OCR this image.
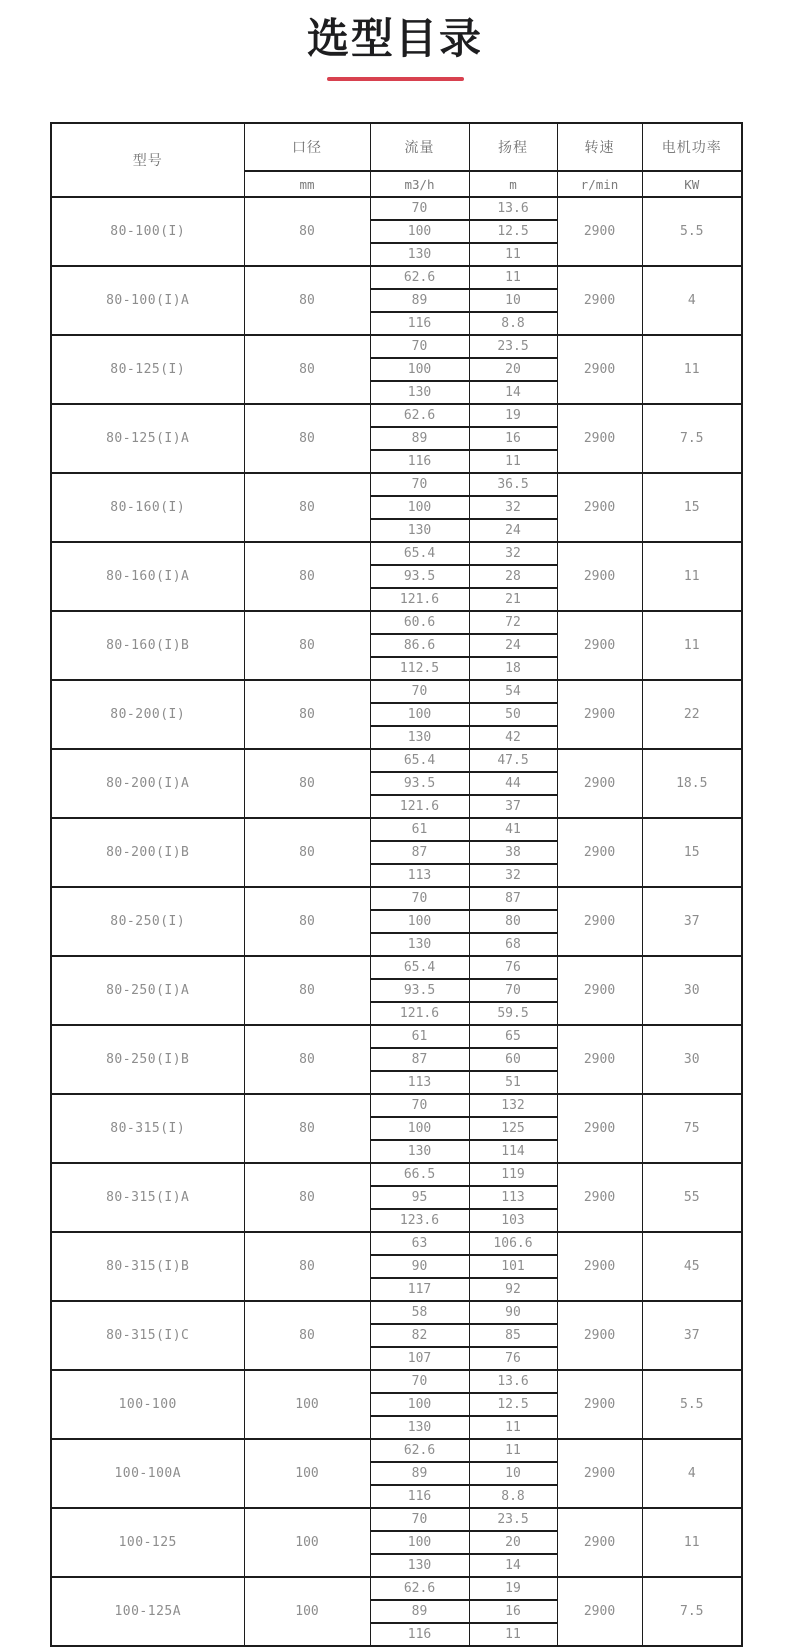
选型目录
型号	口径	流量	扬程	转速	电机功率
	mm	m3/h	m	r/min	KW
80-100(I)	80	70	13.6	2900	5.5
		100	12.5		
		130	11		
80-100(I)A	80	62.6	11	2900	4
		89	10		
		116	8.8		
80-125(I)	80	70	23.5	2900	11
		100	20		
		130	14		
80-125(I)A	80	62.6	19	2900	7.5
		89	16		
		116	11		
80-160(I)	80	70	36.5	2900	15
		100	32		
		130	24		
80-160(I)A	80	65.4	32	2900	11
		93.5	28		
		121.6	21		
80-160(I)B	80	60.6	72	2900	11
		86.6	24		
		112.5	18		
80-200(I)	80	70	54	2900	22
		100	50		
		130	42		
80-200(I)A	80	65.4	47.5	2900	18.5
		93.5	44		
		121.6	37		
80-200(I)B	80	61	41	2900	15
		87	38		
		113	32		
80-250(I)	80	70	87	2900	37
		100	80		
		130	68		
80-250(I)A	80	65.4	76	2900	30
		93.5	70		
		121.6	59.5		
80-250(I)B	80	61	65	2900	30
		87	60		
		113	51		
80-315(I)	80	70	132	2900	75
		100	125		
		130	114		
80-315(I)A	80	66.5	119	2900	55
		95	113		
		123.6	103		
80-315(I)B	80	63	106.6	2900	45
		90	101		
		117	92		
80-315(I)C	80	58	90	2900	37
		82	85		
		107	76		
100-100	100	70	13.6	2900	5.5
		100	12.5		
		130	11		
100-100A	100	62.6	11	2900	4
		89	10		
		116	8.8		
100-125	100	70	23.5	2900	11
		100	20		
		130	14		
100-125A	100	62.6	19	2900	7.5
		89	16		
		116	11		
